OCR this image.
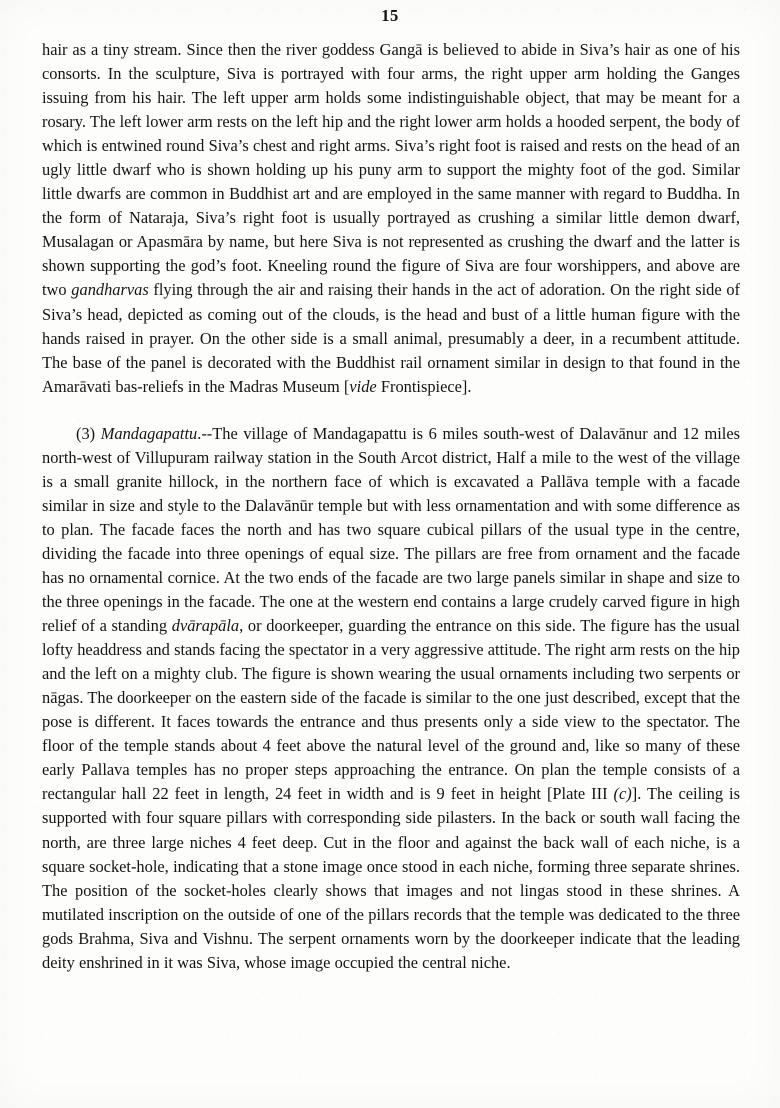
15

hair as a tiny stream. Since then the river goddess Gangā is believed to abide in Siva’s hair as one of his consorts. In the sculpture, Siva is portrayed with four arms, the right upper arm holding the Ganges issuing from his hair. The left upper arm holds some indistinguishable object, that may be meant for a rosary. The left lower arm rests on the left hip and the right lower arm holds a hooded serpent, the body of which is entwined round Siva’s chest and right arms. Siva’s right foot is raised and rests on the head of an ugly little dwarf who is shown holding up his puny arm to support the mighty foot of the god. Similar little dwarfs are common in Buddhist art and are employed in the same manner with regard to Buddha. In the form of Nataraja, Siva’s right foot is usually portrayed as crushing a similar little demon dwarf, Musalagan or Apasmāra by name, but here Siva is not represented as crushing the dwarf and the latter is shown supporting the god’s foot. Kneeling round the figure of Siva are four worshippers, and above are two gandharvas flying through the air and raising their hands in the act of adoration. On the right side of Siva’s head, depicted as coming out of the clouds, is the head and bust of a little human figure with the hands raised in prayer. On the other side is a small animal, presumably a deer, in a recumbent attitude. The base of the panel is decorated with the Buddhist rail ornament similar in design to that found in the Amarāvati bas-reliefs in the Madras Museum [vide Frontispiece].

(3) Mandagapattu.--The village of Mandagapattu is 6 miles south-west of Dalavānur and 12 miles north-west of Villupuram railway station in the South Arcot district, Half a mile to the west of the village is a small granite hillock, in the northern face of which is excavated a Pallāva temple with a facade similar in size and style to the Dalavānūr temple but with less ornamentation and with some difference as to plan. The facade faces the north and has two square cubical pillars of the usual type in the centre, dividing the facade into three openings of equal size. The pillars are free from ornament and the facade has no ornamental cornice. At the two ends of the facade are two large panels similar in shape and size to the three openings in the facade. The one at the western end contains a large crudely carved figure in high relief of a standing dvārapāla, or doorkeeper, guarding the entrance on this side. The figure has the usual lofty headdress and stands facing the spectator in a very aggressive attitude. The right arm rests on the hip and the left on a mighty club. The figure is shown wearing the usual ornaments including two serpents or nāgas. The doorkeeper on the eastern side of the facade is similar to the one just described, except that the pose is different. It faces towards the entrance and thus presents only a side view to the spectator. The floor of the temple stands about 4 feet above the natural level of the ground and, like so many of these early Pallava temples has no proper steps approaching the entrance. On plan the temple consists of a rectangular hall 22 feet in length, 24 feet in width and is 9 feet in height [Plate III (c)]. The ceiling is supported with four square pillars with corresponding side pilasters. In the back or south wall facing the north, are three large niches 4 feet deep. Cut in the floor and against the back wall of each niche, is a square socket-hole, indicating that a stone image once stood in each niche, forming three separate shrines. The position of the socket-holes clearly shows that images and not lingas stood in these shrines. A mutilated inscription on the outside of one of the pillars records that the temple was dedicated to the three gods Brahma, Siva and Vishnu. The serpent ornaments worn by the doorkeeper indicate that the leading deity enshrined in it was Siva, whose image occupied the central niche.
